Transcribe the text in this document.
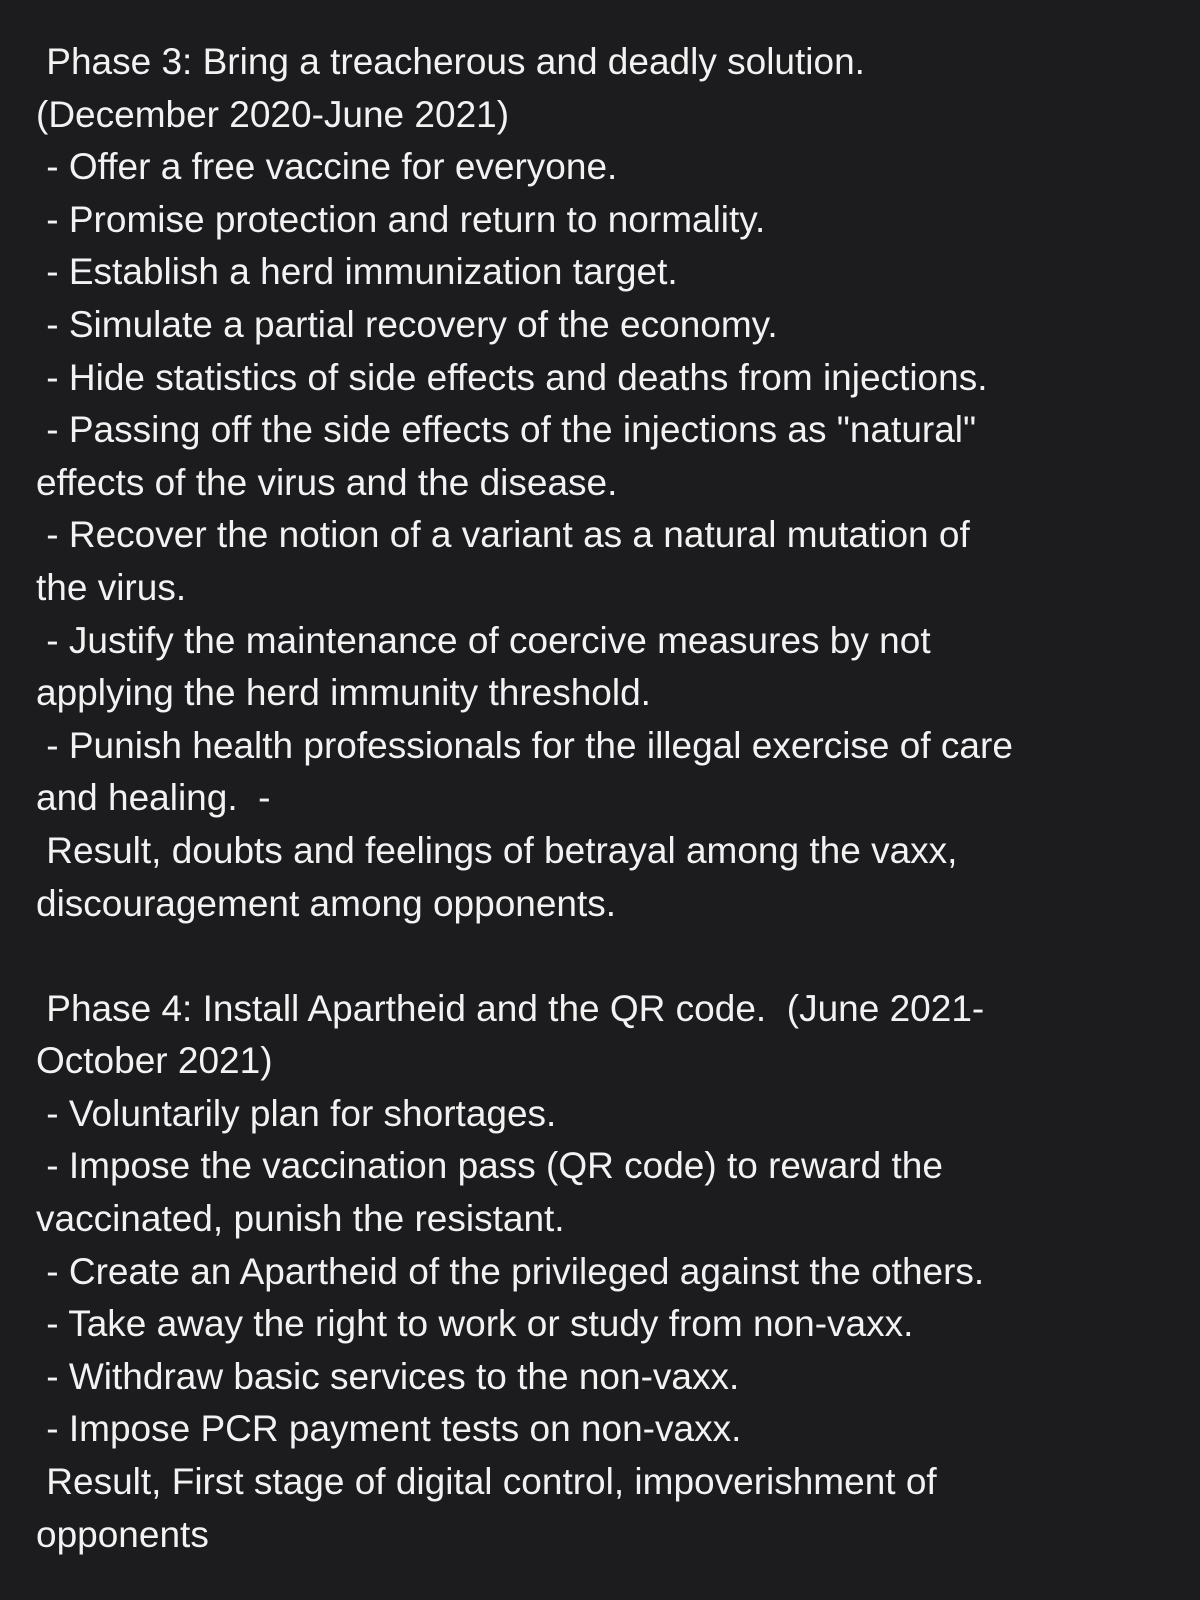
Phase 3: Bring a treacherous and deadly solution.
(December 2020-June 2021)
- Offer a free vaccine for everyone.
- Promise protection and return to normality.
- Establish a herd immunization target.
- Simulate a partial recovery of the economy.
- Hide statistics of side effects and deaths from injections.
- Passing off the side effects of the injections as "natural"
effects of the virus and the disease.
- Recover the notion of a variant as a natural mutation of
the virus.
- Justify the maintenance of coercive measures by not
applying the herd immunity threshold.
- Punish health professionals for the illegal exercise of care
and healing.  -
Result, doubts and feelings of betrayal among the vaxx,
discouragement among opponents.
Phase 4: Install Apartheid and the QR code.  (June 2021-
October 2021)
- Voluntarily plan for shortages.
- Impose the vaccination pass (QR code) to reward the
vaccinated, punish the resistant.
- Create an Apartheid of the privileged against the others.
- Take away the right to work or study from non-vaxx.
- Withdraw basic services to the non-vaxx.
- Impose PCR payment tests on non-vaxx.
Result, First stage of digital control, impoverishment of
opponents
